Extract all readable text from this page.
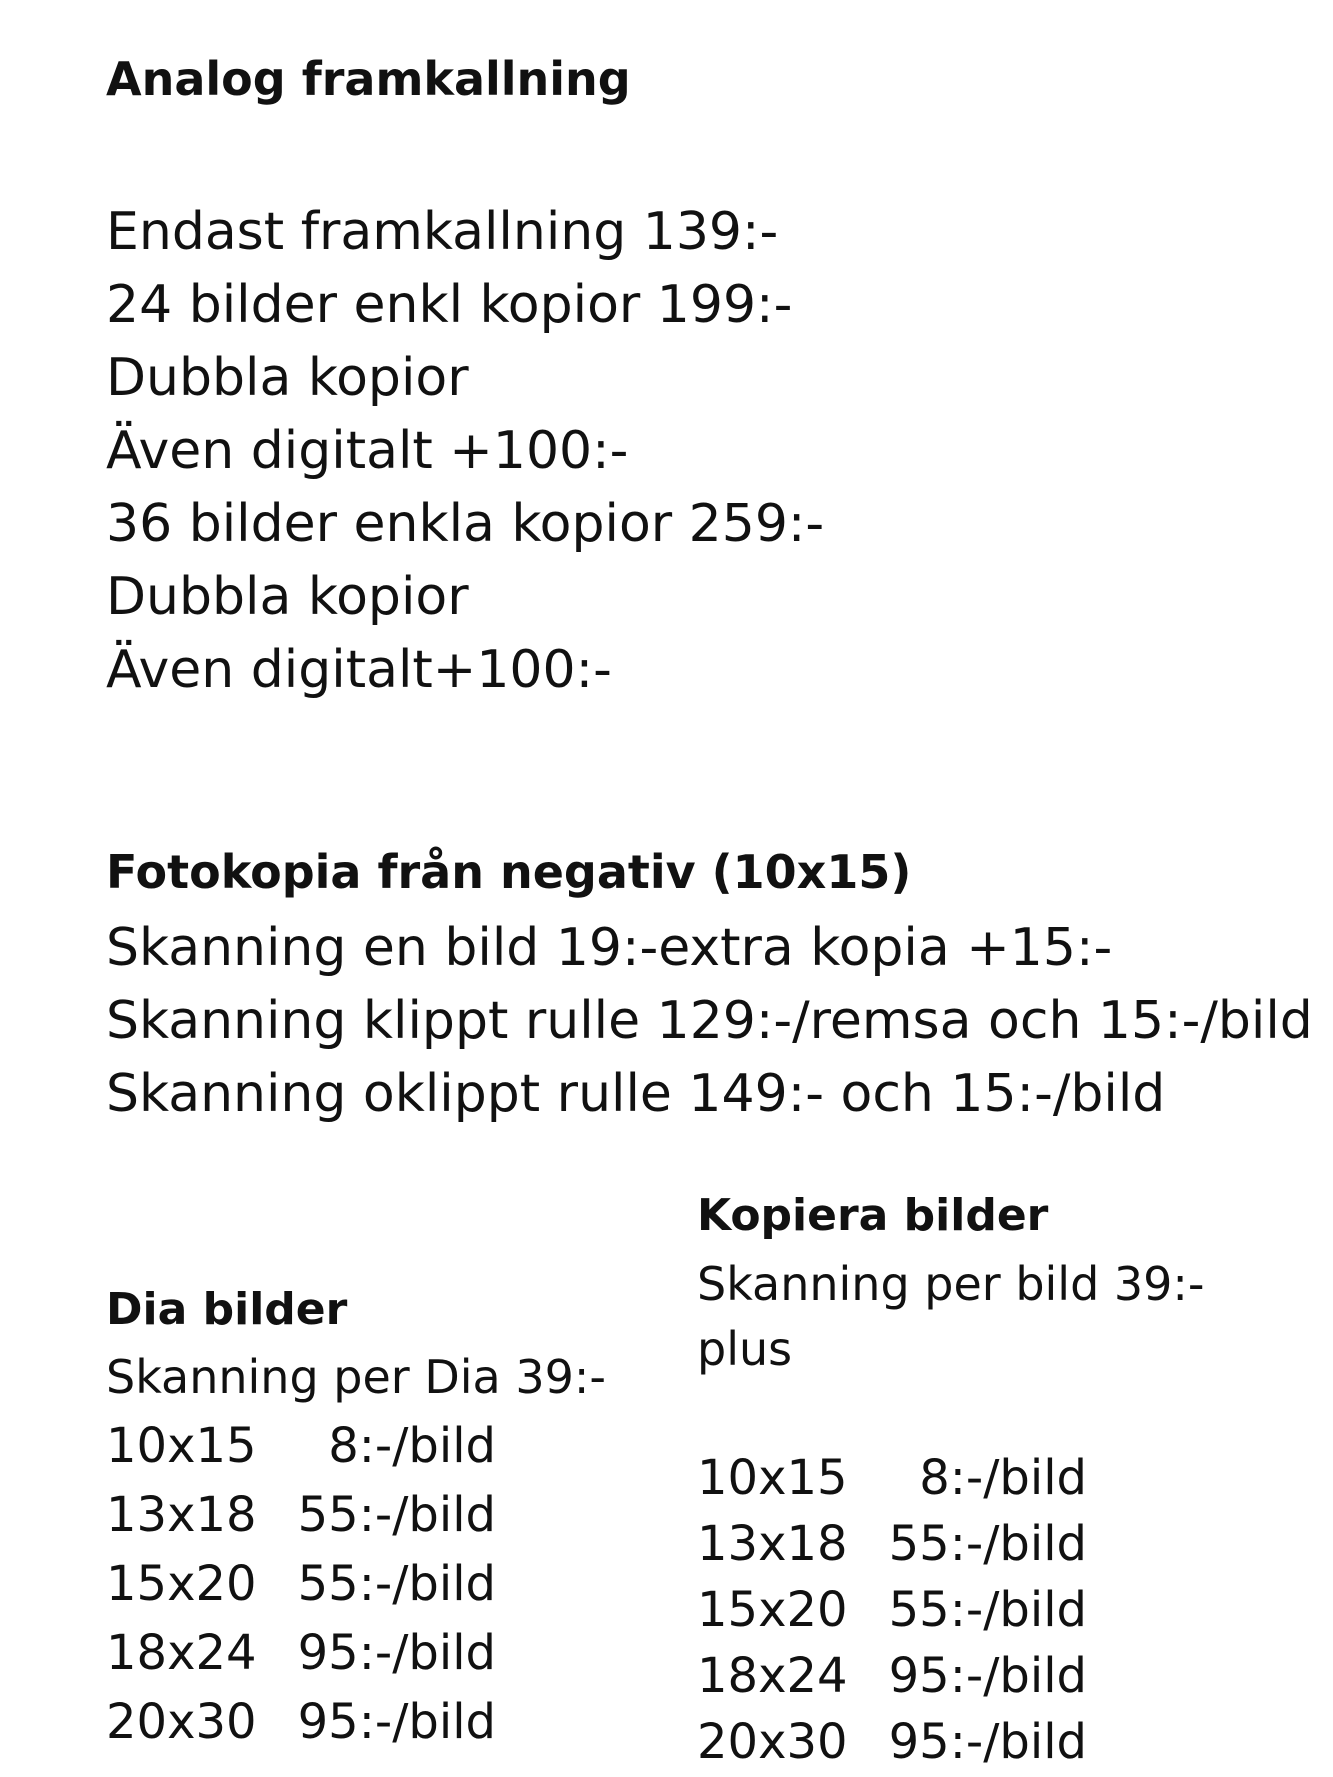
Analog framkallning

Endast framkallning 139:-

24 bilder enkl kopior 199:-

Dubbla kopior

Även digitalt +100:-

36 bilder enkla kopior 259:-

Dubbla kopior

Även digitalt+100:-

Fotokopia från negativ (10x15)

Skanning en bild 19:-extra kopia +15:-

Skanning klippt rulle 129:-/remsa och 15:-/bild

Skanning oklippt rulle 149:- och 15:-/bild

Dia bilder

Skanning per Dia 39:-

10x15	8:-/bild
13x18 55:-/bild
15x20 55:-/bild
18x24 95:-/bild
20x30 95:-/bild
Kopiera bilder

Skanning per bild 39:-

plus

10x15	8:-/bild
13x18 55:-/bild
15x20 55:-/bild
18x24 95:-/bild
20x30 95:-/bild
